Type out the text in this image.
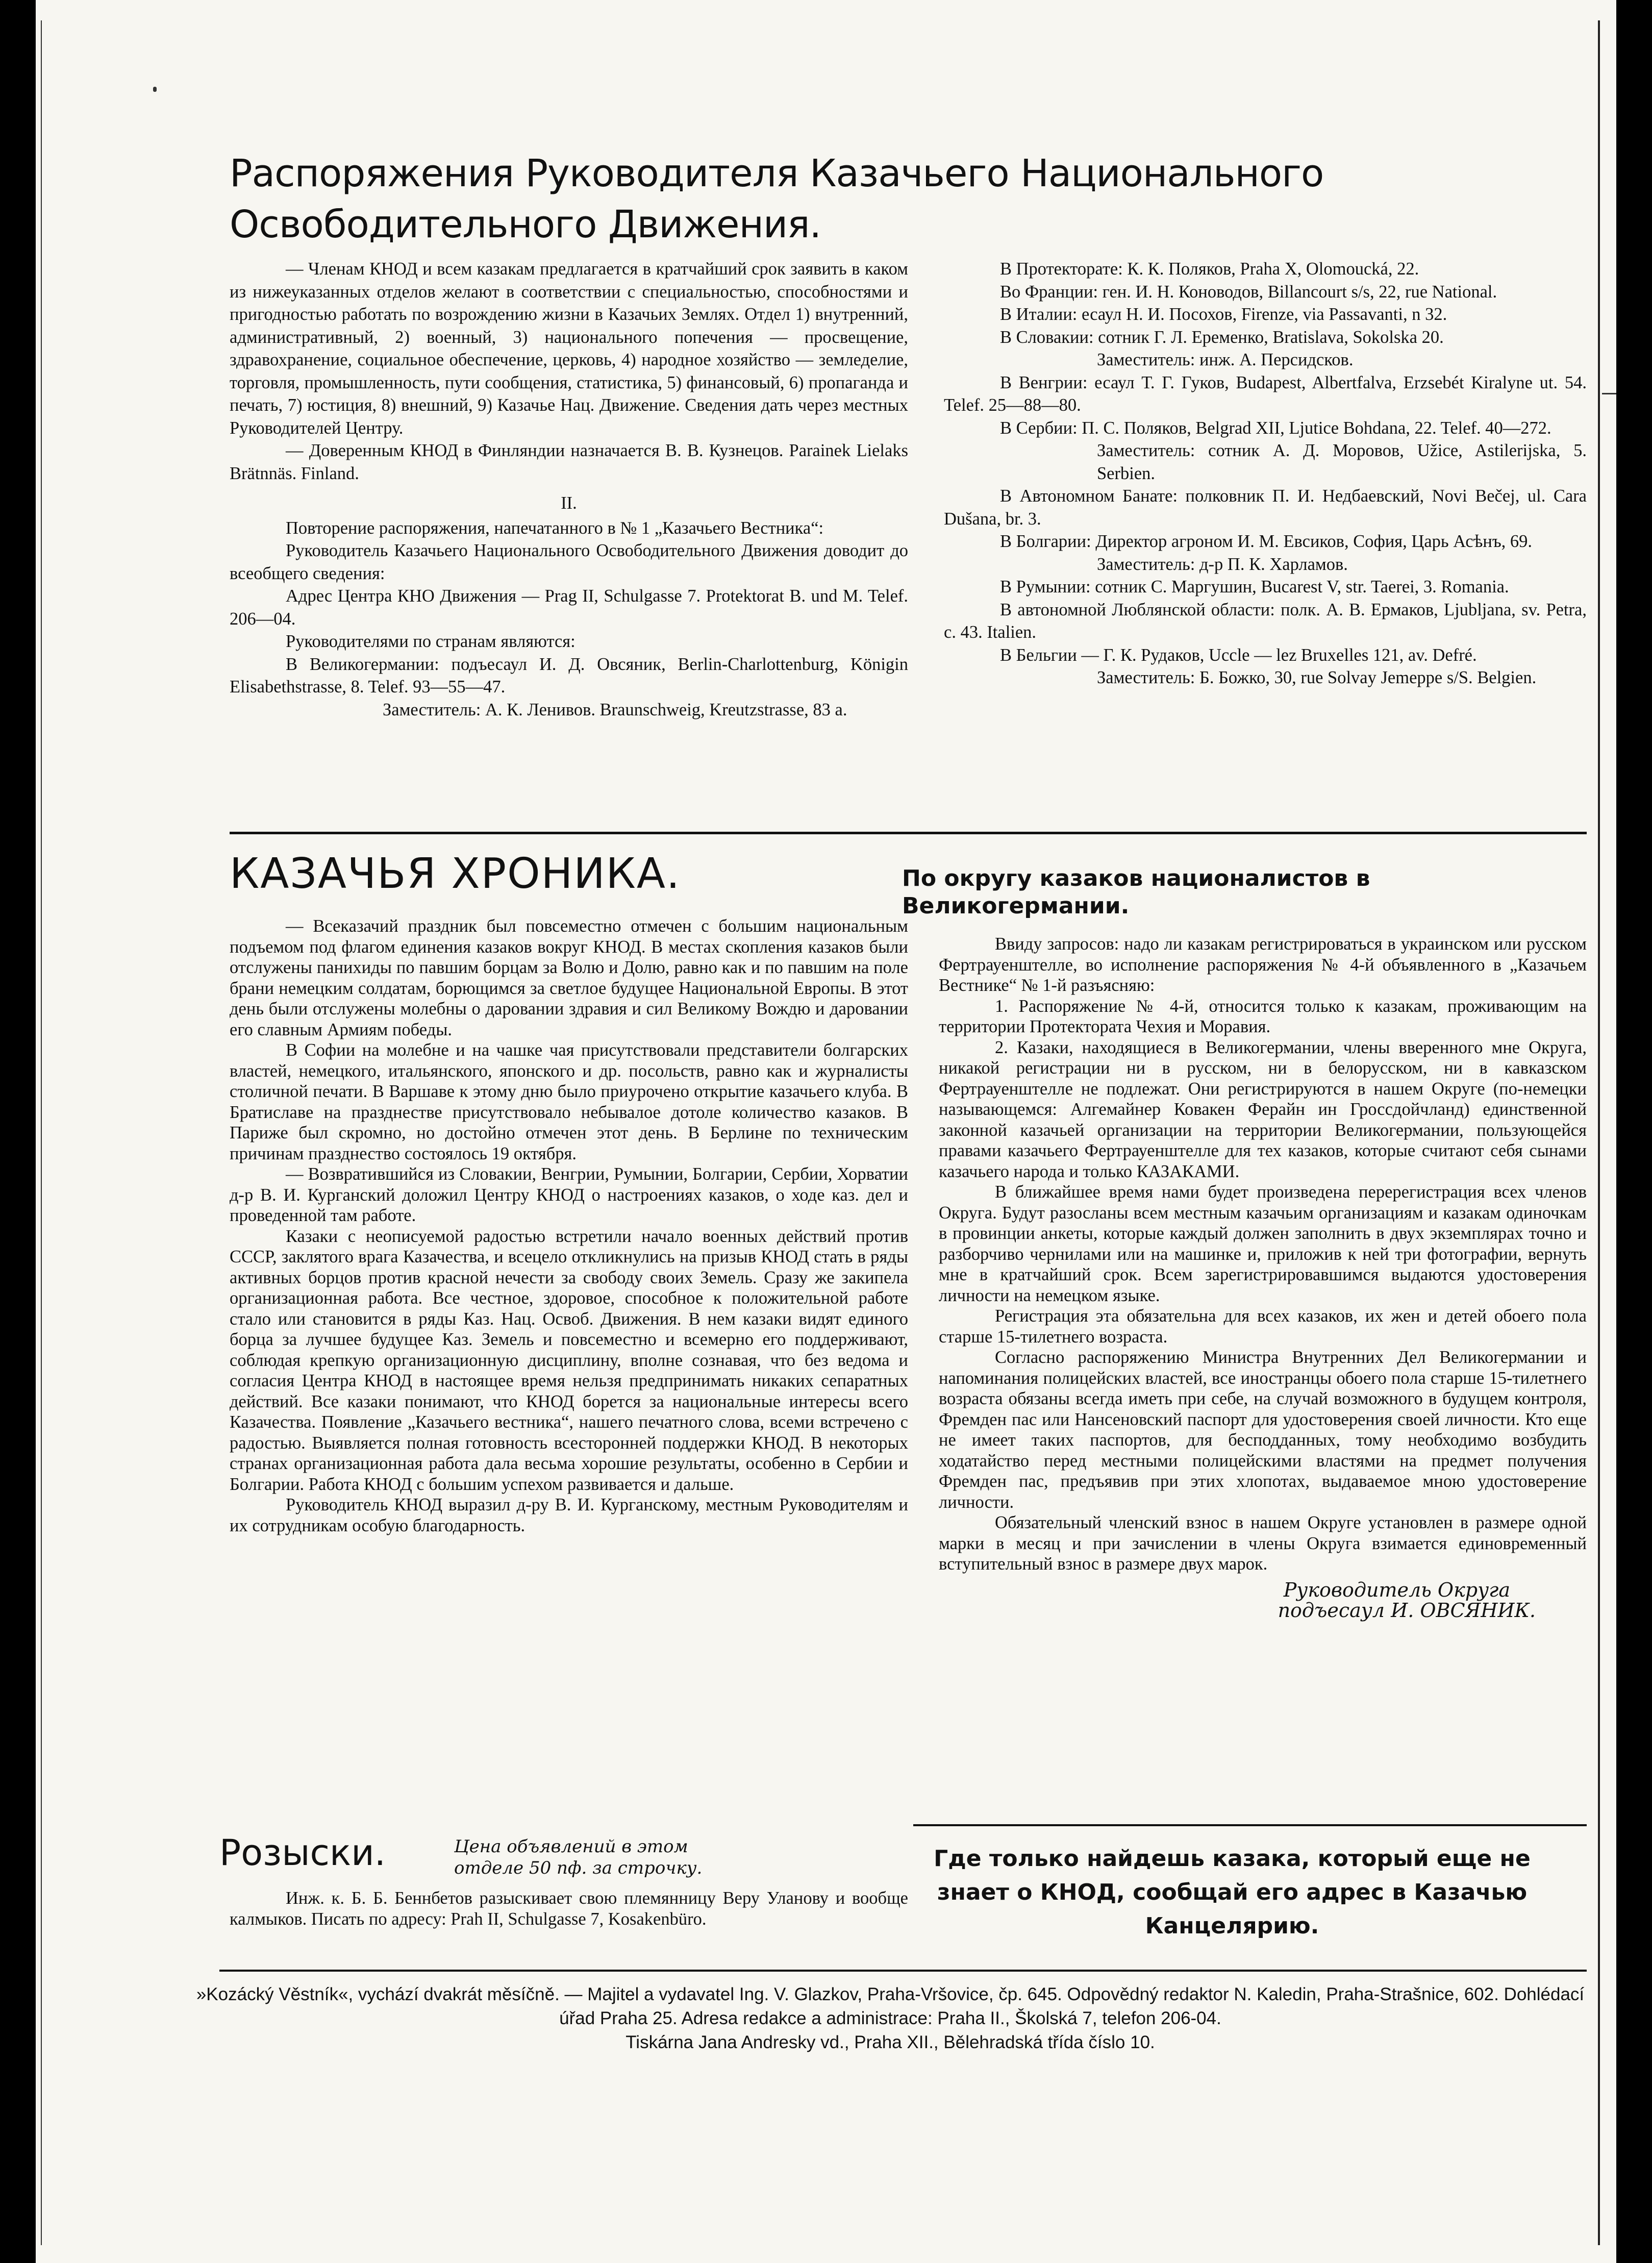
Распоряжения Руководителя Казачьего Национального
Освободительного Движения.

— Членам КНОД и всем казакам предлагается в кратчайший срок заявить в каком из нижеуказанных отделов желают в соответствии с специальностью, способностями и пригодностью работать по возрождению жизни в Казачьих Землях. Отдел 1) внутренний, административный, 2) военный, 3) национального попечения — просвещение, здравохранение, социальное обеспечение, церковь, 4) народное хозяйство — земледелие, торговля, промышленность, пути сообщения, статистика, 5) финансовый, 6) пропаганда и печать, 7) юстиция, 8) внешний, 9) Казачье Нац. Движение. Сведения дать через местных Руководителей Центру.

— Доверенным КНОД в Финляндии назначается В. В. Кузнецов. Parainek Lielaks Brätnnäs. Finland.

II.

Повторение распоряжения, напечатанного в № 1 „Казачьего Вестника“:

Руководитель Казачьего Национального Освободительного Движения доводит до всеобщего сведения:

Адрес Центра КНО Движения — Prag II, Schulgasse 7. Protektorat B. und M. Telef. 206—04.

Руководителями по странам являются:

В Великогермании: подъесаул И. Д. Овсяник, Berlin-Charlottenburg, Königin Elisabethstrasse, 8. Telef. 93—55—47.

Заместитель: А. К. Ленивов. Braunschweig, Kreutzstrasse, 83 a.

В Протекторате: К. К. Поляков, Praha X, Olomoucká, 22.

Во Франции: ген. И. Н. Коноводов, Billancourt s/s, 22, rue National.

В Италии: есаул Н. И. Посохов, Firenze, via Passavanti, n 32.

В Словакии: сотник Г. Л. Еременко, Bratislava, Sokolska 20.

Заместитель: инж. А. Персидсков.

В Венгрии: есаул Т. Г. Гуков, Budapest, Albertfalva, Erzsebét Kiralyne ut. 54. Telef. 25—88—80.

В Сербии: П. С. Поляков, Belgrad XII, Ljutice Bohdana, 22. Telef. 40—272.

Заместитель: сотник А. Д. Моровов, Užice, Astilerijska, 5. Serbien.

В Автономном Банате: полковник П. И. Недбаевский, Novi Bečej, ul. Cara Dušana, br. 3.

В Болгарии: Директор агроном И. М. Евсиков, София, Царь Асѣнъ, 69.

Заместитель: д-р П. К. Харламов.

В Румынии: сотник С. Маргушин, Bucarest V, str. Taerei, 3. Romania.

В автономной Люблянской области: полк. А. В. Ермаков, Ljubljana, sv. Petra, c. 43. Italien.

В Бельгии — Г. К. Рудаков, Uccle — lez Bruxelles 121, av. Defré.

Заместитель: Б. Божко, 30, rue Solvay Jemeppe s/S. Belgien.

КАЗАЧЬЯ ХРОНИКА.

— Всеказачий праздник был повсеместно отмечен с большим национальным подъемом под флагом единения казаков вокруг КНОД. В местах скопления казаков были отслужены панихиды по павшим борцам за Волю и Долю, равно как и по павшим на поле брани немецким солдатам, борющимся за светлое будущее Национальной Европы. В этот день были отслужены молебны о даровании здравия и сил Великому Вождю и даровании его славным Армиям победы.

В Софии на молебне и на чашке чая присутствовали представители болгарских властей, немецкого, итальянского, японского и др. посольств, равно как и журналисты столичной печати. В Варшаве к этому дню было приурочено открытие казачьего клуба. В Братиславе на празднестве присутствовало небывалое дотоле количество казаков. В Париже был скромно, но достойно отмечен этот день. В Берлине по техническим причинам празднество состоялось 19 октября.

— Возвратившийся из Словакии, Венгрии, Румынии, Болгарии, Сербии, Хорватии д-р В. И. Курганский доложил Центру КНОД о настроениях казаков, о ходе каз. дел и проведенной там работе.

Казаки с неописуемой радостью встретили начало военных действий против СССР, заклятого врага Казачества, и всецело откликнулись на призыв КНОД стать в ряды активных борцов против красной нечести за свободу своих Земель. Сразу же закипела организационная работа. Все честное, здоровое, способное к положительной работе стало или становится в ряды Каз. Нац. Освоб. Движения. В нем казаки видят единого борца за лучшее будущее Каз. Земель и повсеместно и всемерно его поддерживают, соблюдая крепкую организационную дисциплину, вполне сознавая, что без ведома и согласия Центра КНОД в настоящее время нельзя предпринимать никаких сепаратных действий. Все казаки понимают, что КНОД борется за национальные интересы всего Казачества. Появление „Казачьего вестника“, нашего печатного слова, всеми встречено с радостью. Выявляется полная готовность всесторонней поддержки КНОД. В некоторых странах организационная работа дала весьма хорошие результаты, особенно в Сербии и Болгарии. Работа КНОД с большим успехом развивается и дальше.

Руководитель КНОД выразил д-ру В. И. Курганскому, местным Руководителям и их сотрудникам особую благодарность.

По округу казаков националистов в Великогермании.

Ввиду запросов: надо ли казакам регистрироваться в украинском или русском Фертрауенштелле, во исполнение распоряжения № 4-й объявленного в „Казачьем Вестнике“ № 1-й разъясняю:

1. Распоряжение № 4-й, относится только к казакам, проживающим на территории Протектората Чехия и Моравия.

2. Казаки, находящиеся в Великогермании, члены вверенного мне Округа, никакой регистрации ни в русском, ни в белорусском, ни в кавказском Фертрауенштелле не подлежат. Они регистрируются в нашем Округе (по-немецки называющемся: Алгемайнер Ковакен Ферайн ин Гроссдойчланд) единственной законной казачьей организации на территории Великогермании, пользующейся правами казачьего Фертрауенштелле для тех казаков, которые считают себя сынами казачьего народа и только КАЗАКАМИ.

В ближайшее время нами будет произведена перерегистрация всех членов Округа. Будут разосланы всем местным казачьим организациям и казакам одиночкам в провинции анкеты, которые каждый должен заполнить в двух экземплярах точно и разборчиво чернилами или на машинке и, приложив к ней три фотографии, вернуть мне в кратчайший срок. Всем зарегистрировавшимся выдаются удостоверения личности на немецком языке.

Регистрация эта обязательна для всех казаков, их жен и детей обоего пола старше 15-тилетнего возраста.

Согласно распоряжению Министра Внутренних Дел Великогермании и напоминания полицейских властей, все иностранцы обоего пола старше 15-тилетнего возраста обязаны всегда иметь при себе, на случай возможного в будущем контроля, Фремден пас или Нансеновский паспорт для удостоверения своей личности. Кто еще не имеет таких паспортов, для бесподданных, тому необходимо возбудить ходатайство перед местными полицейскими властями на предмет получения Фремден пас, предъявив при этих хлопотах, выдаваемое мною удостоверение личности.

Обязательный членский взнос в нашем Округе установлен в размере одной марки в месяц и при зачислении в члены Округа взимается единовременный вступительный взнос в размере двух марок.

Руководитель Округа

подъесаул И. ОВСЯНИК.

Розыски.	Цена объявлений в этом отделе 50 пф. за строчку.

Инж. к. Б. Б. Беннбетов разыскивает свою племянницу Веру Уланову и вообще калмыков. Писать по адресу: Prah II, Schulgasse 7, Kosakenbüro.

Где только найдешь казака, который еще не знает о КНОД, сообщай его адрес в Казачью Канцелярию.
»Kozácký Věstník«, vychází dvakrát měsíčně. — Majitel a vydavatel Ing. V. Glazkov, Praha-Vršovice, čp. 645. Odpovědný redaktor N. Kaledin, Praha-Strašnice, 602. Dohlédací úřad Praha 25. Adresa redakce a administrace: Praha II., Školská 7, telefon 206-04.
Tiskárna Jana Andresky vd., Praha XII., Bělehradská třída číslo 10.
